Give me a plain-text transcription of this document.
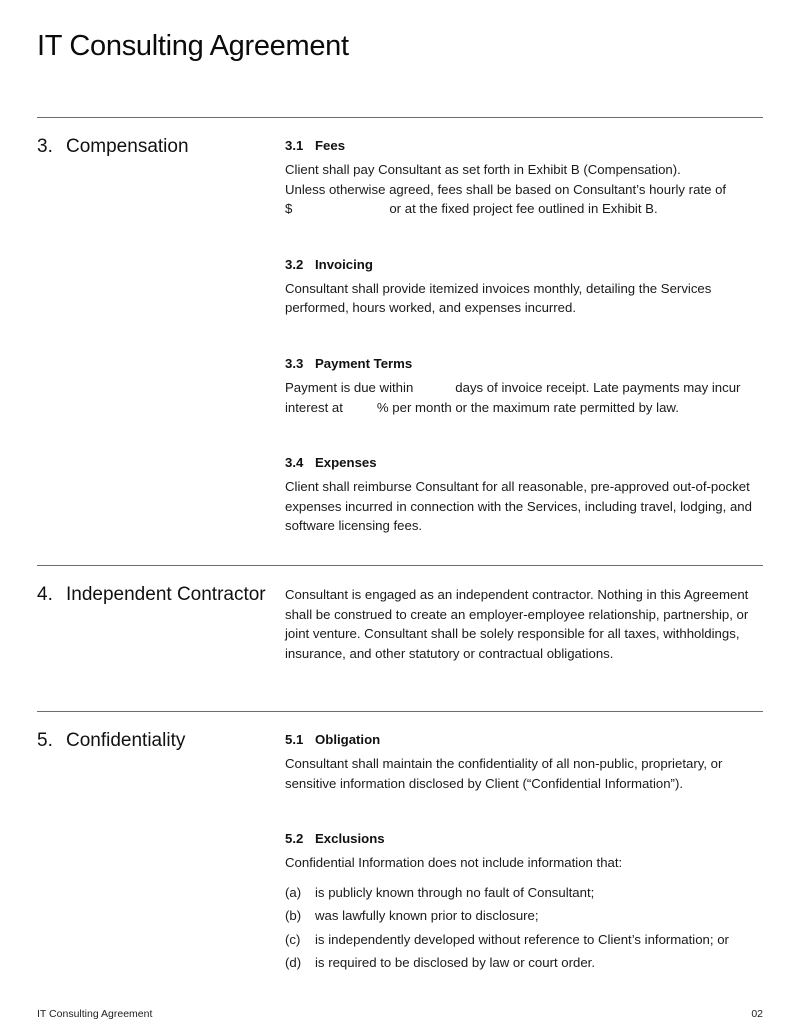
IT Consulting Agreement
3. Compensation	3.1 Fees
Client shall pay Consultant as set forth in Exhibit B (Compensation).
Unless otherwise agreed, fees shall be based on Consultant’s hourly rate of
$	or at the fixed project fee outlined in Exhibit B.
3.2 Invoicing
Consultant shall provide itemized invoices monthly, detailing the Services performed, hours worked, and expenses incurred.
3.3 Payment Terms
Payment is due within	days of invoice receipt. Late payments may incur interest at	% per month or the maximum rate permitted by law.
3.4 Expenses
Client shall reimburse Consultant for all reasonable, pre-approved out-of-pocket expenses incurred in connection with the Services, including travel, lodging, and software licensing fees.
4. Independent Contractor Consultant is engaged as an independent contractor. Nothing in this Agreement shall be construed to create an employer-employee relationship, partnership, or joint venture. Consultant shall be solely responsible for all taxes, withholdings, insurance, and other statutory or contractual obligations.
5. Confidentiality	5.1 Obligation
Consultant shall maintain the confidentiality of all non-public, proprietary, or sensitive information disclosed by Client (“Confidential Information”).
5.2 Exclusions
Confidential Information does not include information that:
(a)	is publicly known through no fault of Consultant;
(b)	was lawfully known prior to disclosure;
(c)	is independently developed without reference to Client’s information; or
(d)	is required to be disclosed by law or court order.
IT Consulting Agreement	02
